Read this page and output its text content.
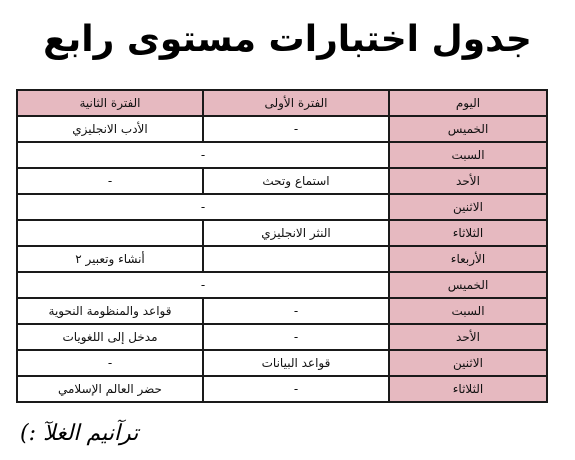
جدول اختبارات مستوى رابع
اليوم	الفترة الأولى	الفترة الثانية
الخميس	-	الأدب الانجليزي
السبت	-	
الأحد	استماع وتحث	-
الاثنين	-	
الثلاثاء	النثر الانجليزي	
الأربعاء		أنشاء وتعبير ٢
الخميس	-	
السبت	-	قواعد والمنظومة النحوية
الأحد	-	مدخل إلى اللغويات
الاثنين	قواعد البيانات	-
الثلاثاء	-	حضر العالم الإسلامي
ترآنيم الغلآ :)
